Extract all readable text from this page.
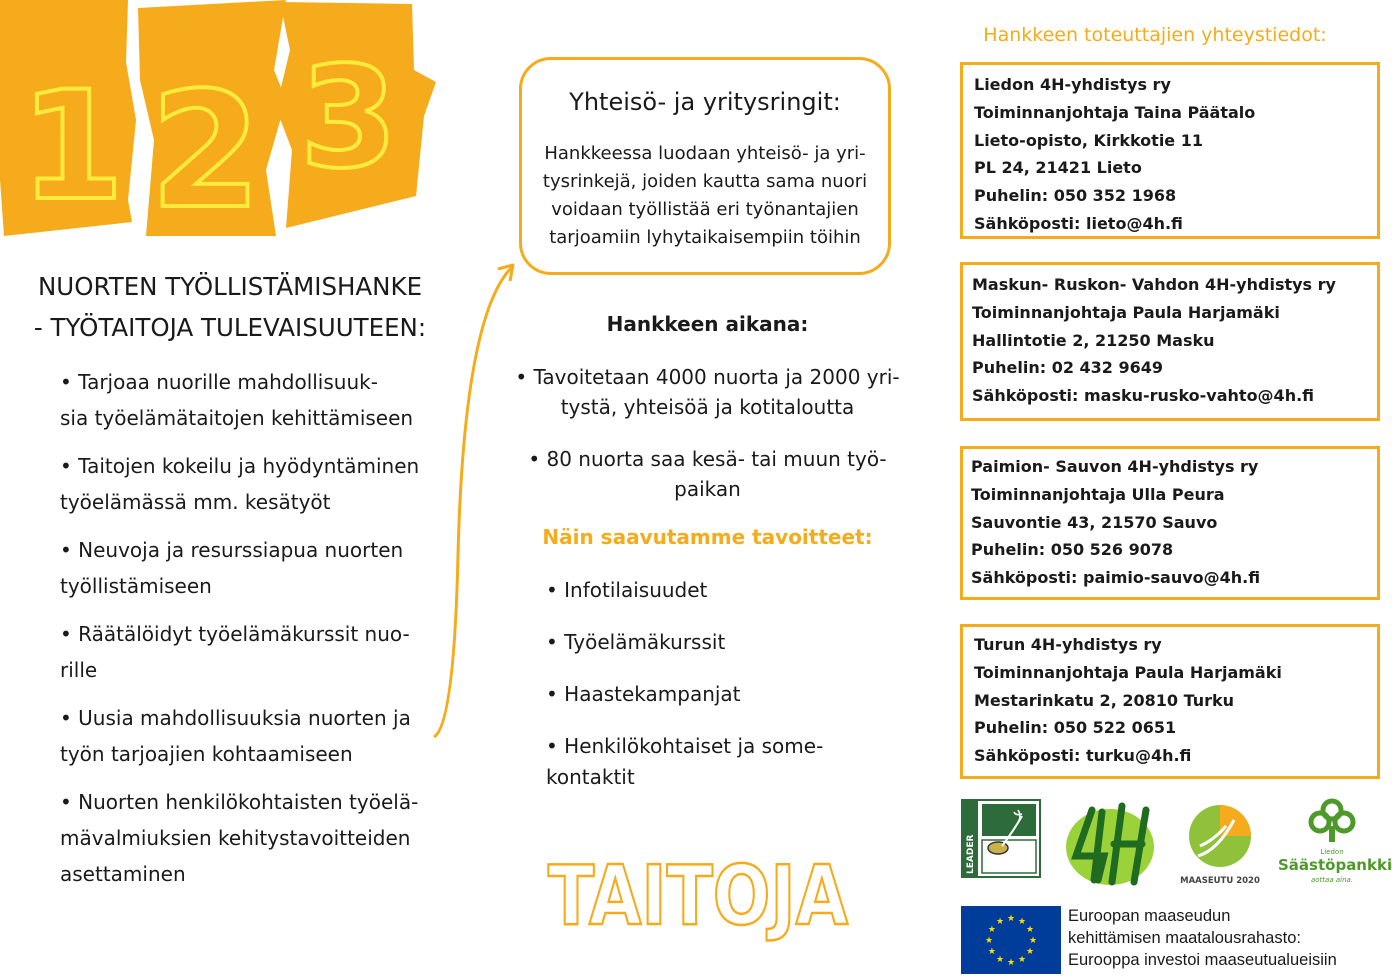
1 2 3
NUORTEN TYÖLLISTÄMISHANKE
- TYÖTAITOJA TULEVAISUUTEEN:
• Tarjoaa nuorille mahdollisuuk-
sia työelämätaitojen kehittämiseen
• Taitojen kokeilu ja hyödyntäminen
työelämässä mm. kesätyöt
• Neuvoja ja resurssiapua nuorten
työllistämiseen
• Räätälöidyt työelämäkurssit nuo-
rille
• Uusia mahdollisuuksia nuorten ja
työn tarjoajien kohtaamiseen
• Nuorten henkilökohtaisten työelä-
mävalmiuksien kehitystavoitteiden
asettaminen
Yhteisö- ja yritysringit:
Hankkeessa luodaan yhteisö- ja yri-
tysrinkejä, joiden kautta sama nuori
voidaan työllistää eri työnantajien
tarjoamiin lyhytaikaisempiin töihin
Hankkeen aikana:
• Tavoitetaan 4000 nuorta ja 2000 yri-
tystä, yhteisöä ja kotitaloutta
• 80 nuorta saa kesä- tai muun työ-
paikan
Näin saavutamme tavoitteet:
• Infotilaisuudet
• Työelämäkurssit
• Haastekampanjat
• Henkilökohtaiset ja some-
kontaktit
TAITOJA
Hankkeen toteuttajien yhteystiedot:
Liedon 4H-yhdistys ry
Toiminnanjohtaja Taina Päätalo
Lieto-opisto, Kirkkotie 11
PL 24, 21421 Lieto
Puhelin: 050 352 1968
Sähköposti: lieto@4h.fi
Maskun- Ruskon- Vahdon 4H-yhdistys ry
Toiminnanjohtaja Paula Harjamäki
Hallintotie 2, 21250 Masku
Puhelin: 02 432 9649
Sähköposti: masku-rusko-vahto@4h.fi
Paimion- Sauvon 4H-yhdistys ry
Toiminnanjohtaja Ulla Peura
Sauvontie 43, 21570 Sauvo
Puhelin: 050 526 9078
Sähköposti: paimio-sauvo@4h.fi
Turun 4H-yhdistys ry
Toiminnanjohtaja Paula Harjamäki
Mestarinkatu 2, 20810 Turku
Puhelin: 050 522 0651
Sähköposti: turku@4h.fi
LEADER
4H
MAASEUTU 2020
Liedon
Säästöpankki
aottaa aina.
★
★
★
★
★
★
★
★
★ ★ ★
★
Euroopan maaseudun
kehittämisen maatalousrahasto:
Eurooppa investoi maaseutualueisiin
